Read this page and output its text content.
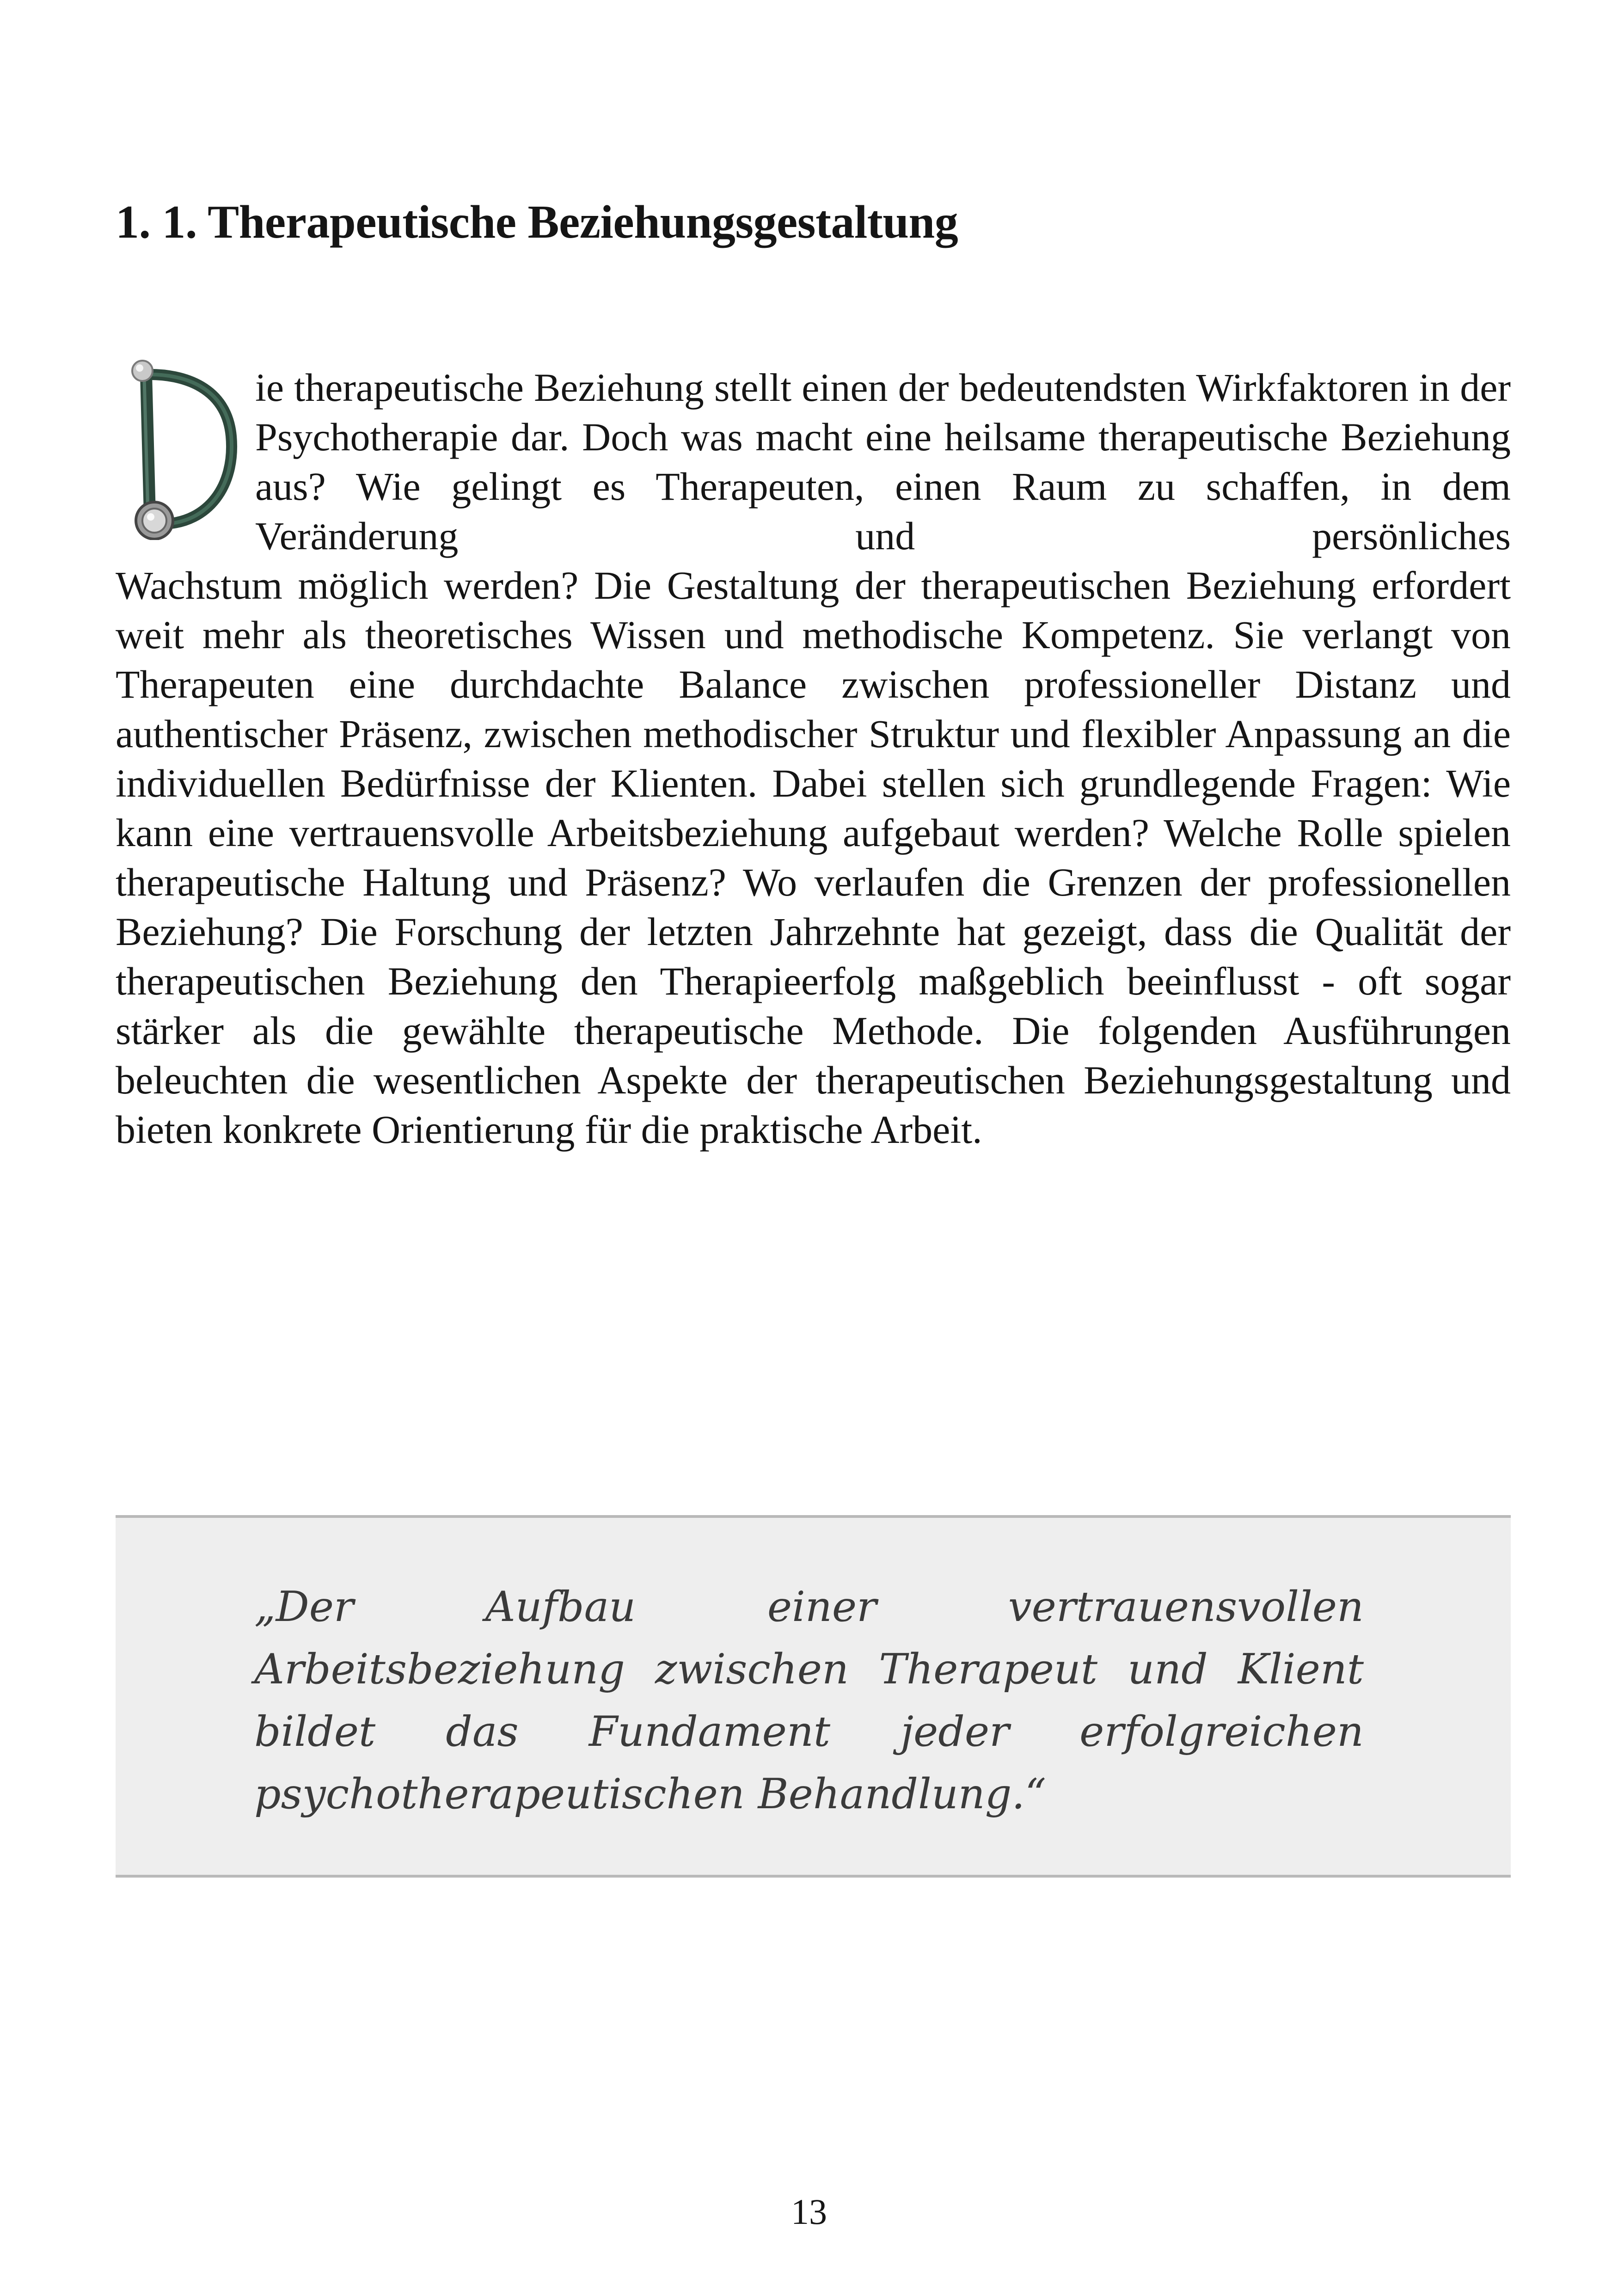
1. 1. Therapeutische Beziehungsgestaltung

ie therapeutische Beziehung stellt einen der bedeutendsten Wirkfaktoren in der Psychotherapie dar. Doch was macht eine heilsame therapeutische Beziehung aus? Wie gelingt es Therapeuten, einen Raum zu schaffen, in dem Veränderung und persönliches

Wachstum möglich werden? Die Gestaltung der therapeutischen Beziehung erfordert weit mehr als theoretisches Wissen und methodische Kompetenz. Sie verlangt von Therapeuten eine durchdachte Balance zwischen professioneller Distanz und authentischer Präsenz, zwischen methodischer Struktur und flexibler Anpassung an die individuellen Bedürfnisse der Klienten. Dabei stellen sich grundlegende Fragen: Wie kann eine vertrauensvolle Arbeitsbeziehung aufgebaut werden? Welche Rolle spielen therapeutische Haltung und Präsenz? Wo verlaufen die Grenzen der professionellen Beziehung? Die Forschung der letzten Jahrzehnte hat gezeigt, dass die Qualität der therapeutischen Beziehung den Therapieerfolg maßgeblich beeinflusst - oft sogar stärker als die gewählte therapeutische Methode. Die folgenden Ausführungen beleuchten die wesentlichen Aspekte der therapeutischen Beziehungsgestaltung und bieten konkrete Orientierung für die praktische Arbeit.

„Der Aufbau einer vertrauensvollen Arbeitsbeziehung zwischen Therapeut und Klient bildet das Fundament jeder erfolgreichen psychotherapeutischen Behandlung.“

13
